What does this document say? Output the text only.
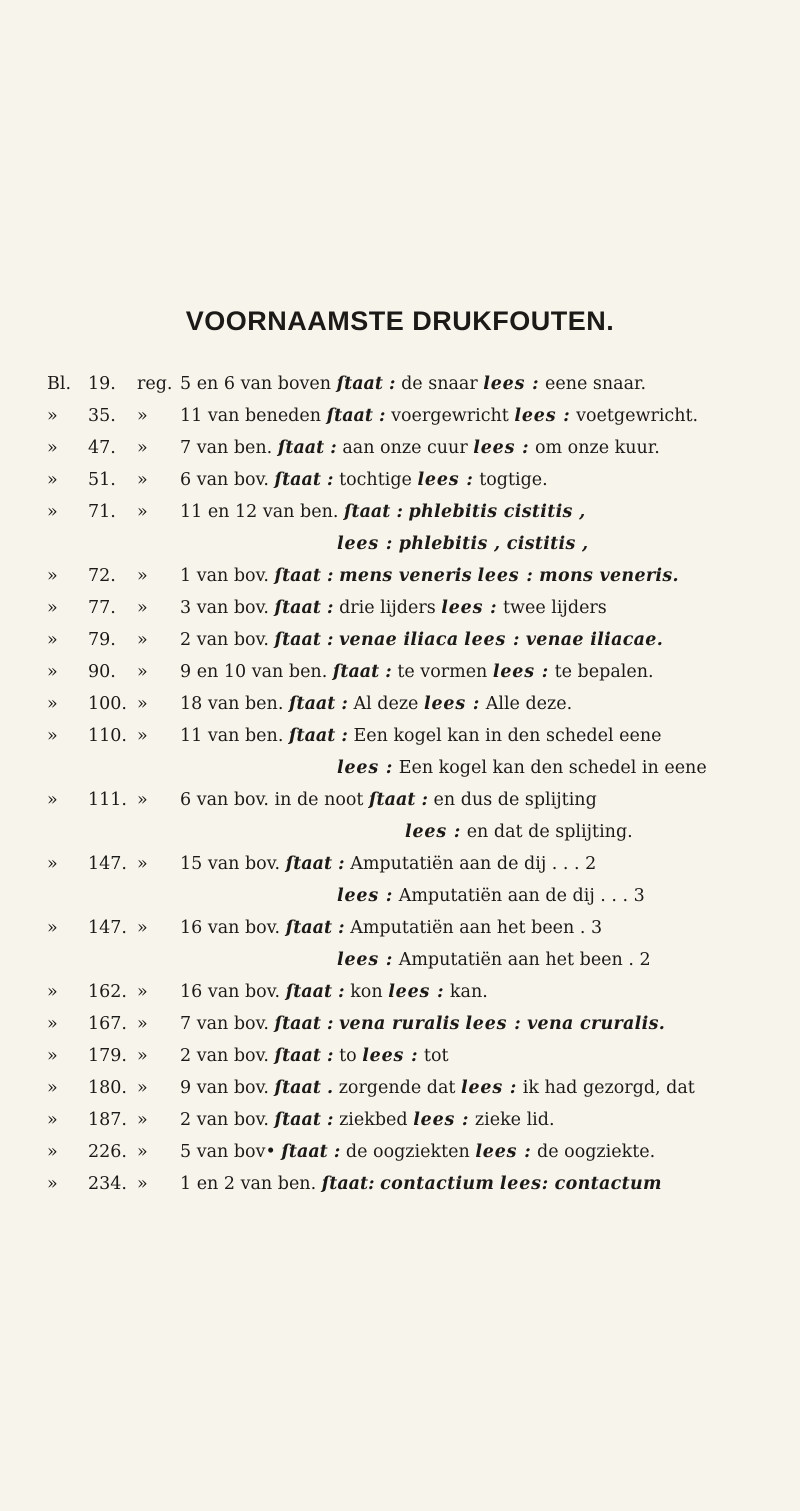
VOORNAAMSTE DRUKFOUTEN.
Bl. 19.	reg. 5 en 6 van boven ſtaat : de snaar lees : eene snaar.
»	35.	»	11 van beneden ſtaat : voergewricht lees : voetgewricht.
»	47.	»	7 van ben. ſtaat : aan onze cuur lees : om onze kuur.
»	51.	»	6 van bov. ſtaat : tochtige lees : togtige.
»	71.	»	11 en 12 van ben. ſtaat : phlebitis cistitis ,
lees : phlebitis , cistitis ,
»	72.	»	1 van bov. ſtaat : mens veneris lees : mons veneris.
»	77.	»	3 van bov. ſtaat : drie lijders lees : twee lijders
»	79.	»	2 van bov. ſtaat : venae iliaca lees : venae iliacae.
»	90.	»	9 en 10 van ben. ſtaat : te vormen lees : te bepalen.
»	100. »	18 van ben. ſtaat : Al deze lees : Alle deze.
»	110. »	11 van ben. ſtaat : Een kogel kan in den schedel eene
lees : Een kogel kan den schedel in eene
»	111. »	6 van bov. in de noot ſtaat : en dus de splijting
lees : en dat de splijting.
»	147. »	15 van bov. ſtaat : Amputatiën aan de dij . . . 2
lees : Amputatiën aan de dij . . . 3
»	147. »	16 van bov. ſtaat : Amputatiën aan het been . 3
lees : Amputatiën aan het been . 2
»	162. »	16 van bov. ſtaat : kon lees : kan.
»	167. »	7 van bov. ſtaat : vena ruralis lees : vena cruralis.
»	179. »	2 van bov. ſtaat : to lees : tot
»	180. »	9 van bov. ſtaat . zorgende dat lees : ik had gezorgd, dat
»	187. »	2 van bov. ſtaat : ziekbed lees : zieke lid.
»	226. »	5 van bov• ſtaat : de oogziekten lees : de oogziekte.
»	234. »	1 en 2 van ben. ſtaat: contactium lees: contactum
